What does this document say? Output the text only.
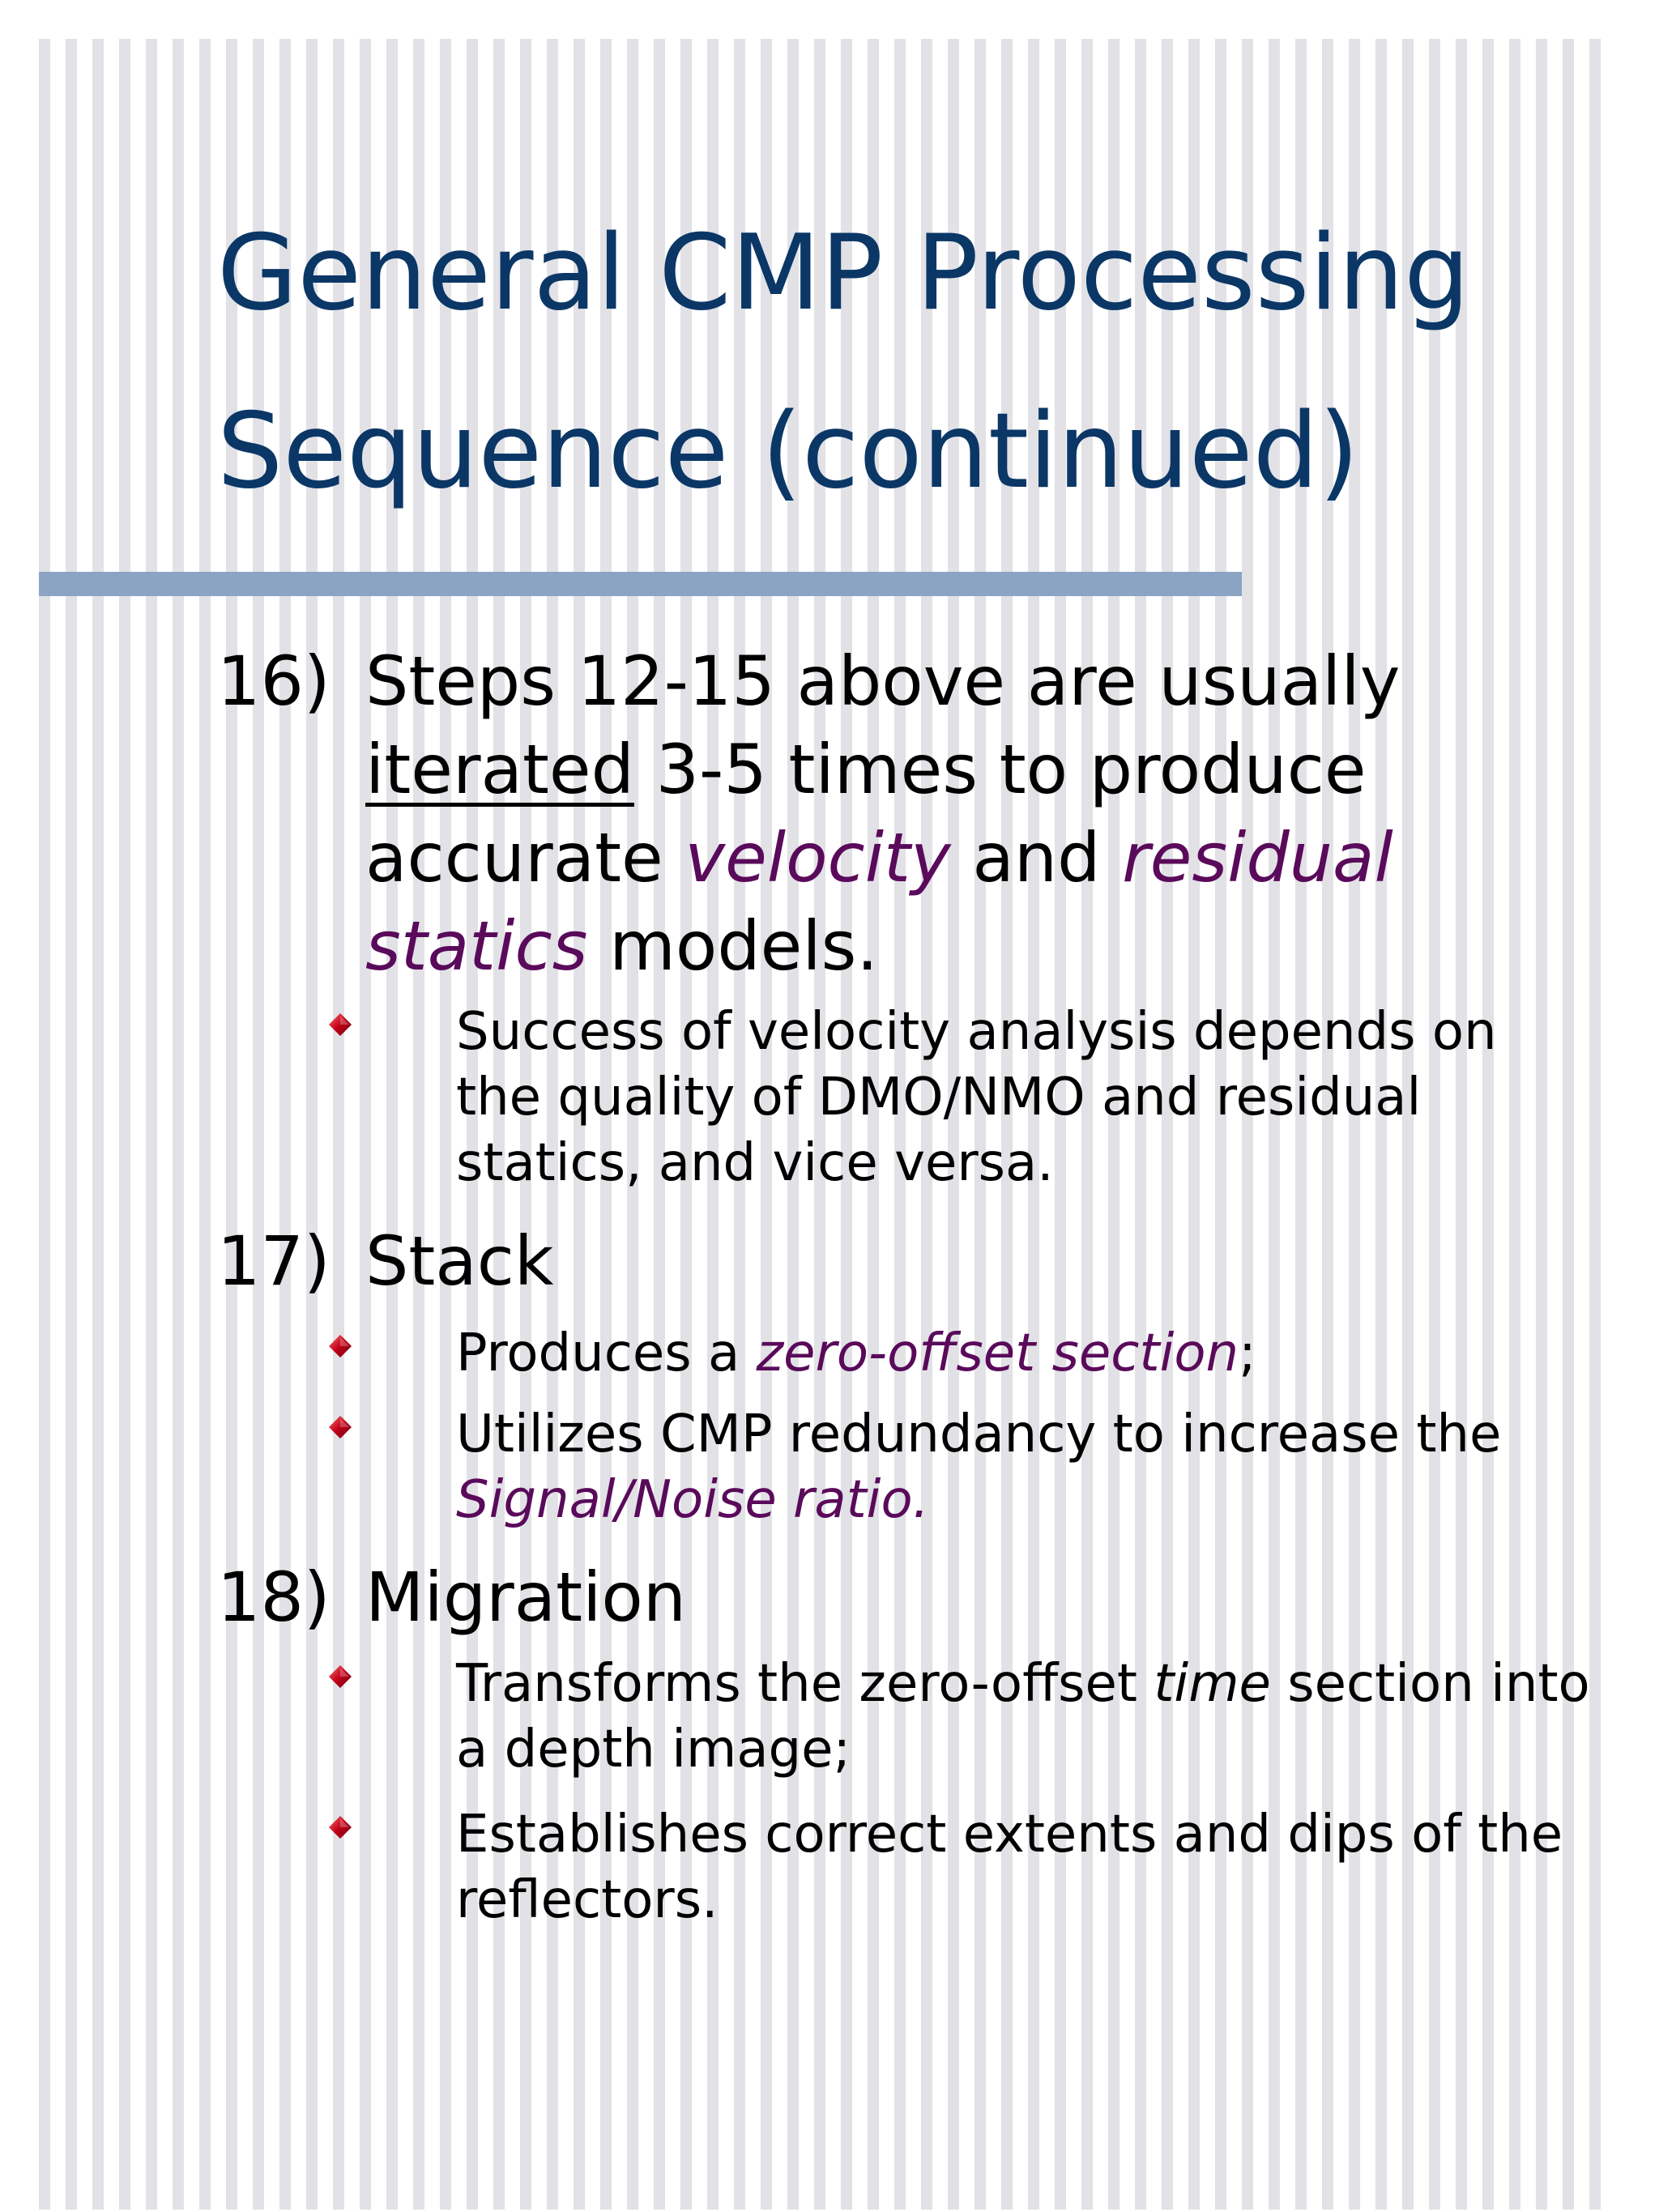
General CMP Processing Sequence (continued)
16) Steps 12-15 above are usually iterated 3-5 times to produce accurate velocity and residual statics models.
Success of velocity analysis depends on the quality of DMO/NMO and residual statics, and vice versa.
17) Stack
Produces a zero-offset section;
Utilizes CMP redundancy to increase the Signal/Noise ratio.
18) Migration
Transforms the zero-offset time section into a depth image;
Establishes correct extents and dips of the reflectors.
